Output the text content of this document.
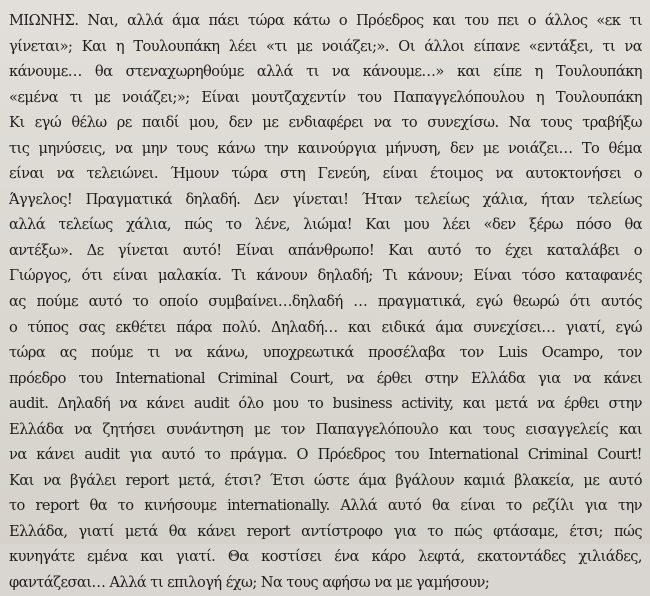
ΜΙΩΝΗΣ. Ναι, αλλά άμα πάει τώρα κάτω ο Πρόεδρος και του πει ο άλλος «εκ τι
γίνεται»; Και η Τουλουπάκη λέει «τι με νοιάζει;». Οι άλλοι είπανε «εντάξει, τι να
κάνουμε… θα στεναχωρηθούμε αλλά τι να κάνουμε…» και είπε η Τουλουπάκη
«εμένα τι με νοιάζει;»; Είναι μουτζαχεντίν του Παπαγγελόπουλου η Τουλουπάκη
Κι εγώ θέλω ρε παιδί μου, δεν με ενδιαφέρει να το συνεχίσω. Να τους τραβήξω
τις μηνύσεις, να μην τους κάνω την καινούργια μήνυση, δεν με νοιάζει… Το θέμα
είναι να τελειώνει. Ήμουν τώρα στη Γενεύη, είναι έτοιμος να αυτοκτονήσει ο
Άγγελος! Πραγματικά δηλαδή. Δεν γίνεται! Ήταν τελείως χάλια, ήταν τελείως
αλλά τελείως χάλια, πώς το λένε, λιώμα! Και μου λέει «δεν ξέρω πόσο θα
αντέξω». Δε γίνεται αυτό! Είναι απάνθρωπο! Και αυτό το έχει καταλάβει ο
Γιώργος, ότι είναι μαλακία. Τι κάνουν δηλαδή; Τι κάνουν; Είναι τόσο καταφανές
ας πούμε αυτό το οποίο συμβαίνει…δηλαδή … πραγματικά, εγώ θεωρώ ότι αυτός
ο τύπος σας εκθέτει πάρα πολύ. Δηλαδή… και ειδικά άμα συνεχίσει… γιατί, εγώ
τώρα ας πούμε τι να κάνω, υποχρεωτικά προσέλαβα τον Luis Ocampo, τον
πρόεδρο του International Criminal Court, να έρθει στην Ελλάδα για να κάνει
audit. Δηλαδή να κάνει audit όλο μου το business activity, και μετά να έρθει στην
Ελλάδα να ζητήσει συνάντηση με τον Παπαγγελόπουλο και τους εισαγγελείς και
να κάνει audit για αυτό το πράγμα. Ο Πρόεδρος του International Criminal Court!
Και να βγάλει report μετά, έτσι? Έτσι ώστε άμα βγάλουν καμιά βλακεία, με αυτό
το report θα το κινήσουμε internationally. Αλλά αυτό θα είναι το ρεζίλι για την
Ελλάδα, γιατί μετά θα κάνει report αντίστροφο για το πώς φτάσαμε, έτσι; πώς
κυνηγάτε εμένα και γιατί. Θα κοστίσει ένα κάρο λεφτά, εκατοντάδες χιλιάδες,
φαντάζεσαι… Αλλά τι επιλογή έχω; Να τους αφήσω να με γαμήσουν;
